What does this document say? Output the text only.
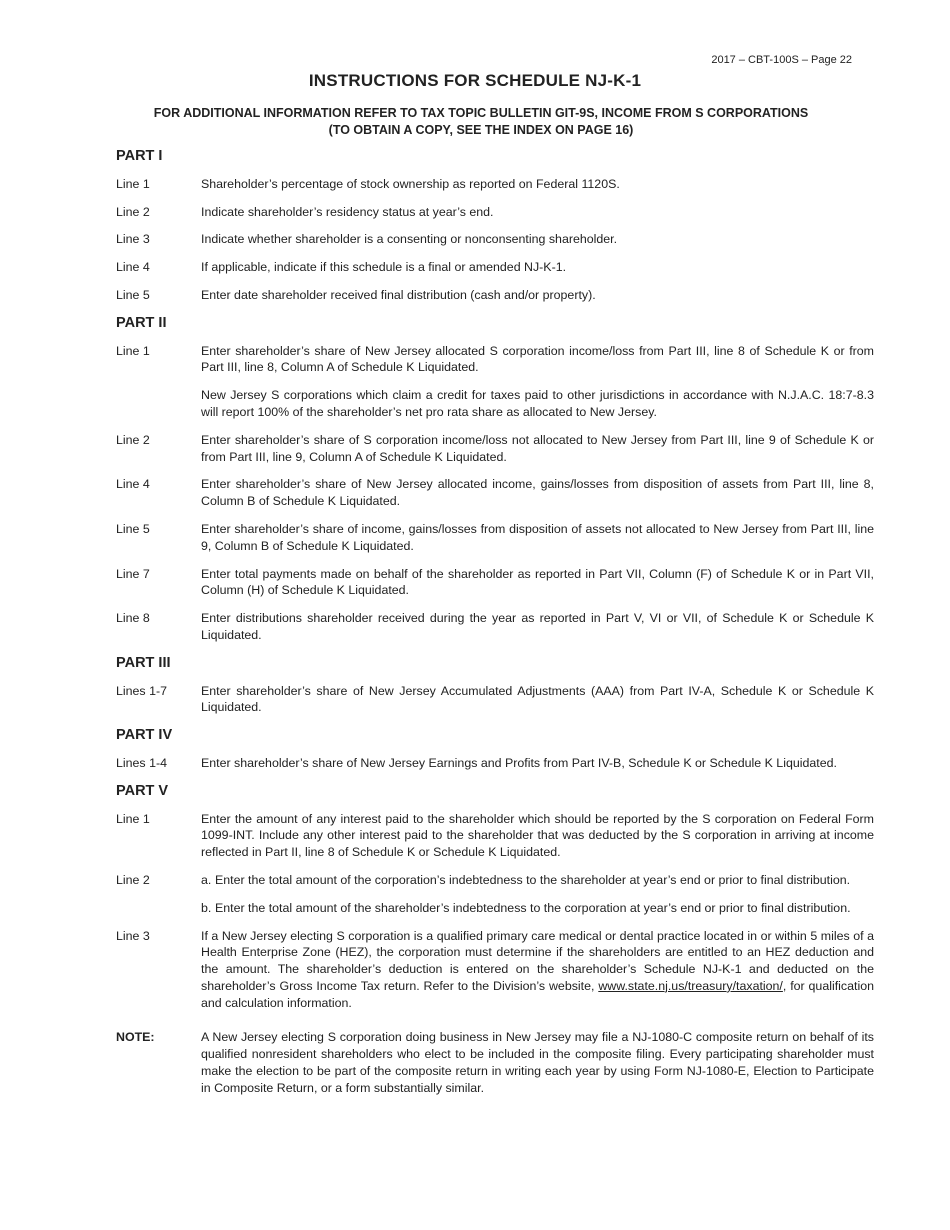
2017 – CBT-100S – Page 22
INSTRUCTIONS FOR SCHEDULE NJ-K-1
FOR ADDITIONAL INFORMATION REFER TO TAX TOPIC BULLETIN GIT-9S, INCOME FROM S CORPORATIONS
(TO OBTAIN A COPY, SEE THE INDEX ON PAGE 16)
PART I
Line 1	Shareholder’s percentage of stock ownership as reported on Federal 1120S.
Line 2	Indicate shareholder’s residency status at year’s end.
Line 3	Indicate whether shareholder is a consenting or nonconsenting shareholder.
Line 4	If applicable, indicate if this schedule is a final or amended NJ-K-1.
Line 5	Enter date shareholder received final distribution (cash and/or property).
PART II
Line 1	Enter shareholder’s share of New Jersey allocated S corporation income/loss from Part III, line 8 of Schedule K or from Part III, line 8, Column A of Schedule K Liquidated.

New Jersey S corporations which claim a credit for taxes paid to other jurisdictions in accordance with N.J.A.C. 18:7-8.3 will report 100% of the shareholder’s net pro rata share as allocated to New Jersey.

Line 2	Enter shareholder’s share of S corporation income/loss not allocated to New Jersey from Part III, line 9 of Schedule K or from Part III, line 9, Column A of Schedule K Liquidated.
Line 4	Enter shareholder’s share of New Jersey allocated income, gains/losses from disposition of assets from Part III, line 8, Column B of Schedule K Liquidated.
Line 5	Enter shareholder’s share of income, gains/losses from disposition of assets not allocated to New Jersey from Part III, line 9, Column B of Schedule K Liquidated.
Line 7	Enter total payments made on behalf of the shareholder as reported in Part VII, Column (F) of Schedule K or in Part VII, Column (H) of Schedule K Liquidated.
Line 8	Enter distributions shareholder received during the year as reported in Part V, VI or VII, of Schedule K or Schedule K Liquidated.
PART III
Lines 1-7	Enter shareholder’s share of New Jersey Accumulated Adjustments (AAA) from Part IV-A, Schedule K or Schedule K Liquidated.
PART IV
Lines 1-4	Enter shareholder’s share of New Jersey Earnings and Profits from Part IV-B, Schedule K or Schedule K Liquidated.
PART V
Line 1	Enter the amount of any interest paid to the shareholder which should be reported by the S corporation on Federal Form 1099-INT. Include any other interest paid to the shareholder that was deducted by the S corporation in arriving at income reflected in Part II, line 8 of Schedule K or Schedule K Liquidated.
Line 2	a. Enter the total amount of the corporation’s indebtedness to the shareholder at year’s end or prior to final distribution.

b. Enter the total amount of the shareholder’s indebtedness to the corporation at year’s end or prior to final distribution.

Line 3	If a New Jersey electing S corporation is a qualified primary care medical or dental practice located in or within 5 miles of a Health Enterprise Zone (HEZ), the corporation must determine if the shareholders are entitled to an HEZ deduction and the amount. The shareholder’s deduction is entered on the shareholder’s Schedule NJ-K-1 and deducted on the shareholder’s Gross Income Tax return. Refer to the Division’s website, www.state.nj.us/treasury/taxation/, for qualification and calculation information.
NOTE:	A New Jersey electing S corporation doing business in New Jersey may file a NJ-1080-C composite return on behalf of its qualified nonresident shareholders who elect to be included in the composite filing. Every participating shareholder must make the election to be part of the composite return in writing each year by using Form NJ-1080-E, Election to Participate in Composite Return, or a form substantially similar.
